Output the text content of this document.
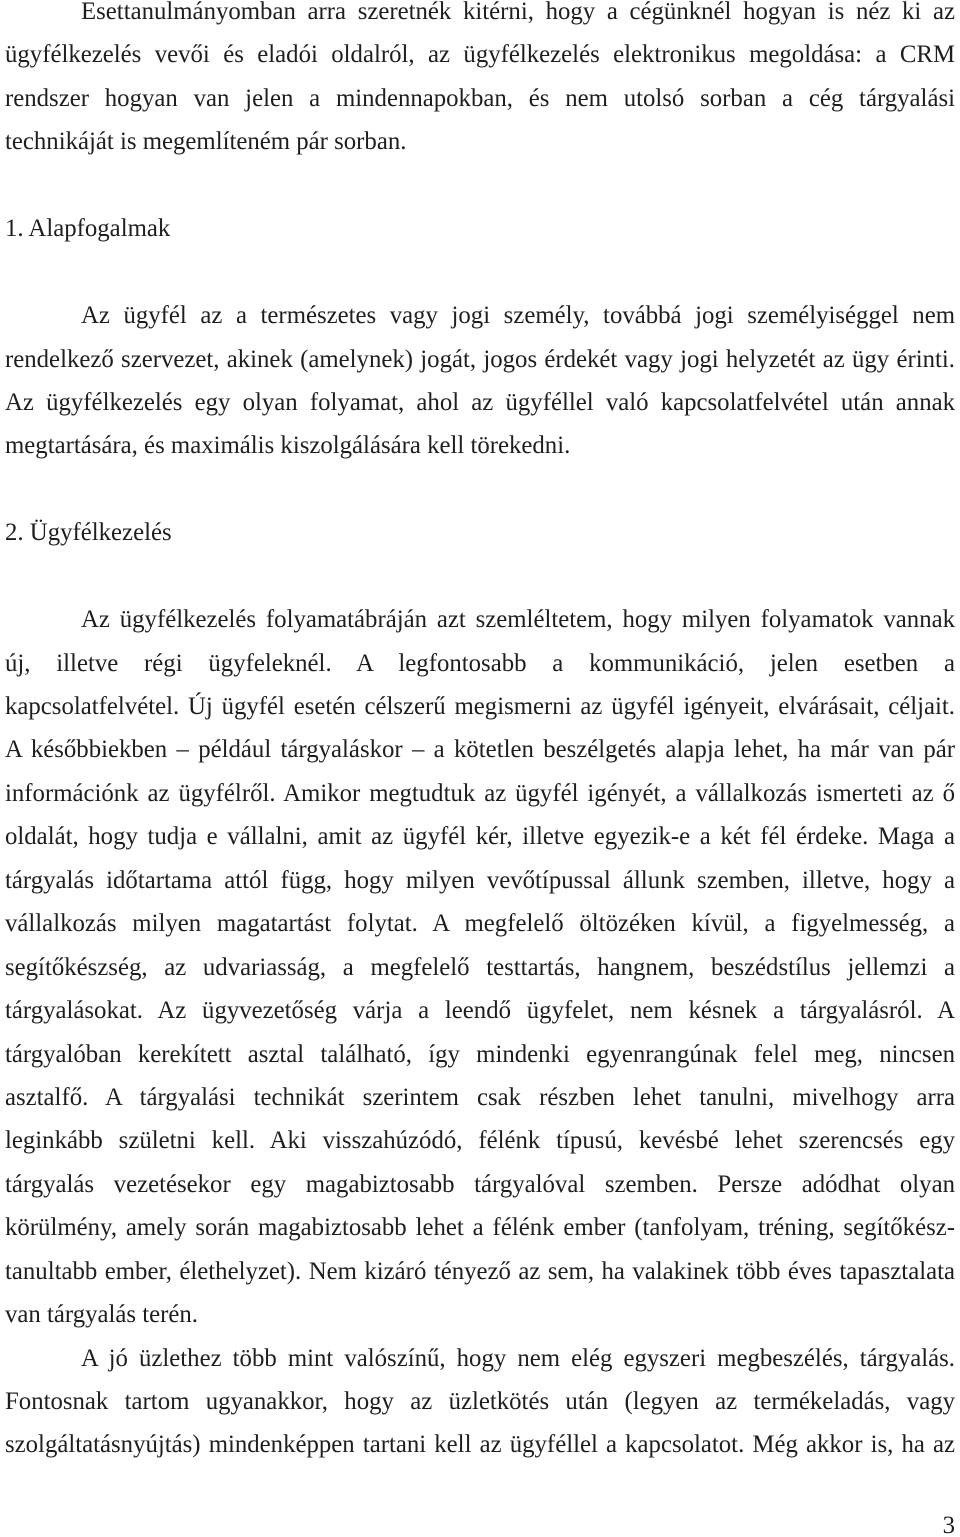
Esettanulmányomban arra szeretnék kitérni, hogy a cégünknél hogyan is néz ki az
ügyfélkezelés vevői és eladói oldalról, az ügyfélkezelés elektronikus megoldása: a CRM
rendszer hogyan van jelen a mindennapokban, és nem utolsó sorban a cég tárgyalási
technikáját is megemlíteném pár sorban.
1. Alapfogalmak
Az ügyfél az a természetes vagy jogi személy, továbbá jogi személyiséggel nem
rendelkező szervezet, akinek (amelynek) jogát, jogos érdekét vagy jogi helyzetét az ügy érinti.
Az ügyfélkezelés egy olyan folyamat, ahol az ügyféllel való kapcsolatfelvétel után annak
megtartására, és maximális kiszolgálására kell törekedni.
2. Ügyfélkezelés
Az ügyfélkezelés folyamatábráján azt szemléltetem, hogy milyen folyamatok vannak
új, illetve régi ügyfeleknél. A legfontosabb a kommunikáció, jelen esetben a
kapcsolatfelvétel. Új ügyfél esetén célszerű megismerni az ügyfél igényeit, elvárásait, céljait.
A későbbiekben – például tárgyaláskor – a kötetlen beszélgetés alapja lehet, ha már van pár
információnk az ügyfélről. Amikor megtudtuk az ügyfél igényét, a vállalkozás ismerteti az ő
oldalát, hogy tudja e vállalni, amit az ügyfél kér, illetve egyezik-e a két fél érdeke. Maga a
tárgyalás időtartama attól függ, hogy milyen vevőtípussal állunk szemben, illetve, hogy a
vállalkozás milyen magatartást folytat. A megfelelő öltözéken kívül, a figyelmesség, a
segítőkészség, az udvariasság, a megfelelő testtartás, hangnem, beszédstílus jellemzi a
tárgyalásokat. Az ügyvezetőség várja a leendő ügyfelet, nem késnek a tárgyalásról. A
tárgyalóban kerekített asztal található, így mindenki egyenrangúnak felel meg, nincsen
asztalfő. A tárgyalási technikát szerintem csak részben lehet tanulni, mivelhogy arra
leginkább születni kell. Aki visszahúzódó, félénk típusú, kevésbé lehet szerencsés egy
tárgyalás vezetésekor egy magabiztosabb tárgyalóval szemben. Persze adódhat olyan
körülmény, amely során magabiztosabb lehet a félénk ember (tanfolyam, tréning, segítőkész-
tanultabb ember, élethelyzet). Nem kizáró tényező az sem, ha valakinek több éves tapasztalata
van tárgyalás terén.
A jó üzlethez több mint valószínű, hogy nem elég egyszeri megbeszélés, tárgyalás.
Fontosnak tartom ugyanakkor, hogy az üzletkötés után (legyen az termékeladás, vagy
szolgáltatásnyújtás) mindenképpen tartani kell az ügyféllel a kapcsolatot. Még akkor is, ha az
3
